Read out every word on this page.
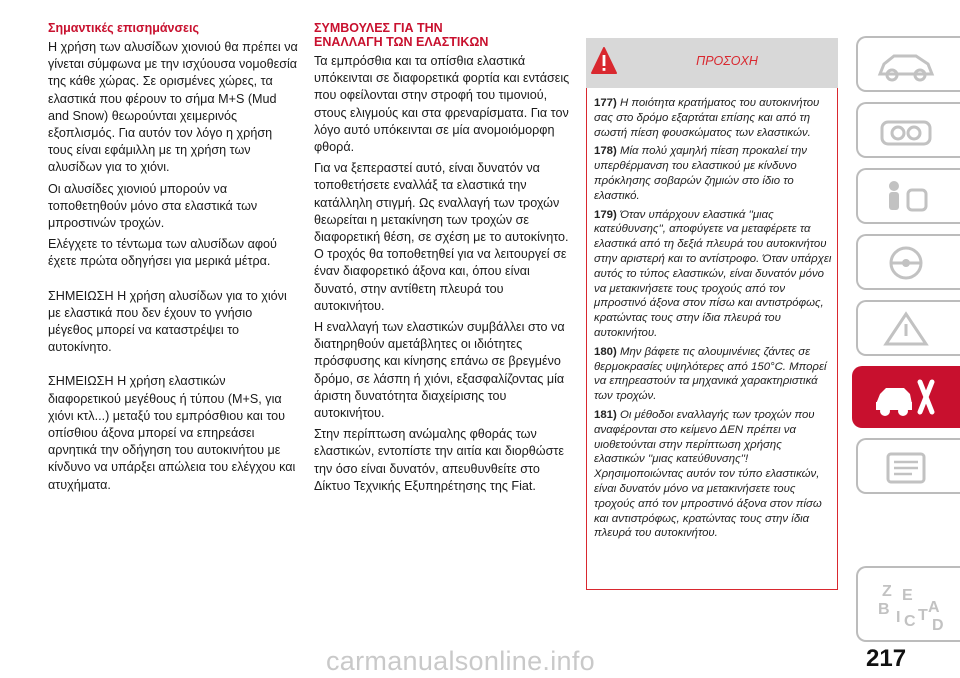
Σημαντικές επισημάνσεις

Η χρήση των αλυσίδων χιονιού θα πρέπει να γίνεται σύμφωνα με την ισχύουσα νομοθεσία της κάθε χώρας. Σε ορισμένες χώρες, τα ελαστικά που φέρουν το σήμα M+S (Mud and Snow) θεωρούνται χειμερινός εξοπλισμός. Για αυτόν τον λόγο η χρήση τους είναι εφάμιλλη με τη χρήση των αλυσίδων για το χιόνι.

Οι αλυσίδες χιονιού μπορούν να τοποθετηθούν μόνο στα ελαστικά των μπροστινών τροχών.

Ελέγχετε το τέντωμα των αλυσίδων αφού έχετε πρώτα οδηγήσει για μερικά μέτρα.

ΣΗΜΕΙΩΣΗ Η χρήση αλυσίδων για το χιόνι με ελαστικά που δεν έχουν το γνήσιο μέγεθος μπορεί να καταστρέψει το αυτοκίνητο.

ΣΗΜΕΙΩΣΗ Η χρήση ελαστικών διαφορετικού μεγέθους ή τύπου (M+S, για χιόνι κτλ...) μεταξύ του εμπρόσθιου και του οπίσθιου άξονα μπορεί να επηρεάσει αρνητικά την οδήγηση του αυτοκινήτου με κίνδυνο να υπάρξει απώλεια του ελέγχου και ατυχήματα.

ΣΥΜΒΟΥΛΕΣ ΓΙΑ ΤΗΝ
ΕΝΑΛΛΑΓΗ ΤΩΝ ΕΛΑΣΤΙΚΩΝ

Τα εμπρόσθια και τα οπίσθια ελαστικά υπόκεινται σε διαφορετικά φορτία και εντάσεις που οφείλονται στην στροφή του τιμονιού, στους ελιγμούς και στα φρεναρίσματα. Για τον λόγο αυτό υπόκεινται σε μία ανομοιόμορφη φθορά.

Για να ξεπεραστεί αυτό, είναι δυνατόν να τοποθετήσετε εναλλάξ τα ελαστικά την κατάλληλη στιγμή. Ως εναλλαγή των τροχών θεωρείται η μετακίνηση των τροχών σε διαφορετική θέση, σε σχέση με το αυτοκίνητο. Ο τροχός θα τοποθετηθεί για να λειτουργεί σε έναν διαφορετικό άξονα και, όπου είναι δυνατό, στην αντίθετη πλευρά του αυτοκινήτου.

Η εναλλαγή των ελαστικών συμβάλλει στο να διατηρηθούν αμετάβλητες οι ιδιότητες πρόσφυσης και κίνησης επάνω σε βρεγμένο δρόμο, σε λάσπη ή χιόνι, εξασφαλίζοντας μία άριστη δυνατότητα διαχείρισης του αυτοκινήτου.

Στην περίπτωση ανώμαλης φθοράς των ελαστικών, εντοπίστε την αιτία και διορθώστε την όσο είναι δυνατόν, απευθυνθείτε στο Δίκτυο Τεχνικής Εξυπηρέτησης της Fiat.

ΠΡΟΣΟΧΗ

177) Η ποιότητα κρατήματος του αυτοκινήτου σας στο δρόμο εξαρτάται επίσης και από τη σωστή πίεση φουσκώματος των ελαστικών.

178) Μία πολύ χαμηλή πίεση προκαλεί την υπερθέρμανση του ελαστικού με κίνδυνο πρόκλησης σοβαρών ζημιών στο ίδιο το ελαστικό.

179) Όταν υπάρχουν ελαστικά ''μιας κατεύθυνσης'', αποφύγετε να μεταφέρετε τα ελαστικά από τη δεξιά πλευρά του αυτοκινήτου στην αριστερή και το αντίστροφο. Όταν υπάρχει αυτός το τύπος ελαστικών, είναι δυνατόν μόνο να μετακινήσετε τους τροχούς από τον μπροστινό άξονα στον πίσω και αντιστρόφως, κρατώντας τους στην ίδια πλευρά του αυτοκινήτου.

180) Μην βάφετε τις αλουμινένιες ζάντες σε θερμοκρασίες υψηλότερες από 150°C. Μπορεί να επηρεαστούν τα μηχανικά χαρακτηριστικά των τροχών.

181) Οι μέθοδοι εναλλαγής των τροχών που αναφέρονται στο κείμενο ΔΕΝ πρέπει να υιοθετούνται στην περίπτωση χρήσης ελαστικών ''μιας κατεύθυνσης''! Χρησιμοποιώντας αυτόν τον τύπο ελαστικών, είναι δυνατόν μόνο να μετακινήσετε τους τροχούς από τον μπροστινό άξονα στον πίσω και αντιστρόφως, κρατώντας τους στην ίδια πλευρά του αυτοκινήτου.

Z E
B I C T A
D
carmanualsonline.info	217
